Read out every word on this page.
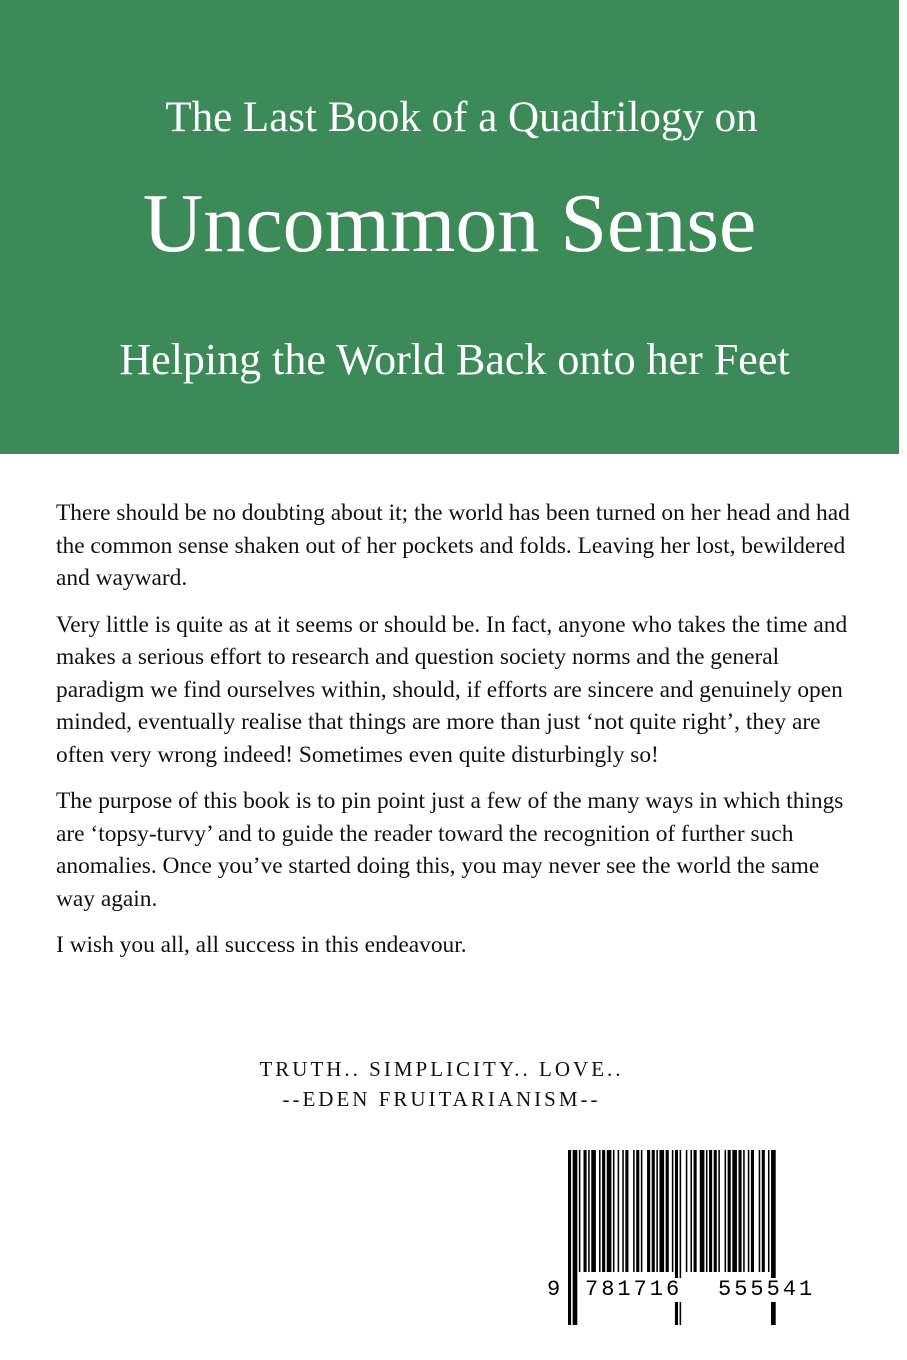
The Last Book of a Quadrilogy on
Uncommon Sense
Helping the World Back onto her Feet

There should be no doubting about it; the world has been turned on her head and had the common sense shaken out of her pockets and folds. Leaving her lost, bewildered and wayward.

Very little is quite as at it seems or should be. In fact, anyone who takes the time and makes a serious effort to research and question society norms and the general paradigm we find ourselves within, should, if efforts are sincere and genuinely open minded, eventually realise that things are more than just ‘not quite right’, they are often very wrong indeed! Sometimes even quite disturbingly so!

The purpose of this book is to pin point just a few of the many ways in which things are ‘topsy-turvy’ and to guide the reader toward the recognition of further such anomalies. Once you’ve started doing this, you may never see the world the same way again.

I wish you all, all success in this endeavour.

TRUTH.. SIMPLICITY.. LOVE..
--EDEN FRUITARIANISM--
9 781716 555541
